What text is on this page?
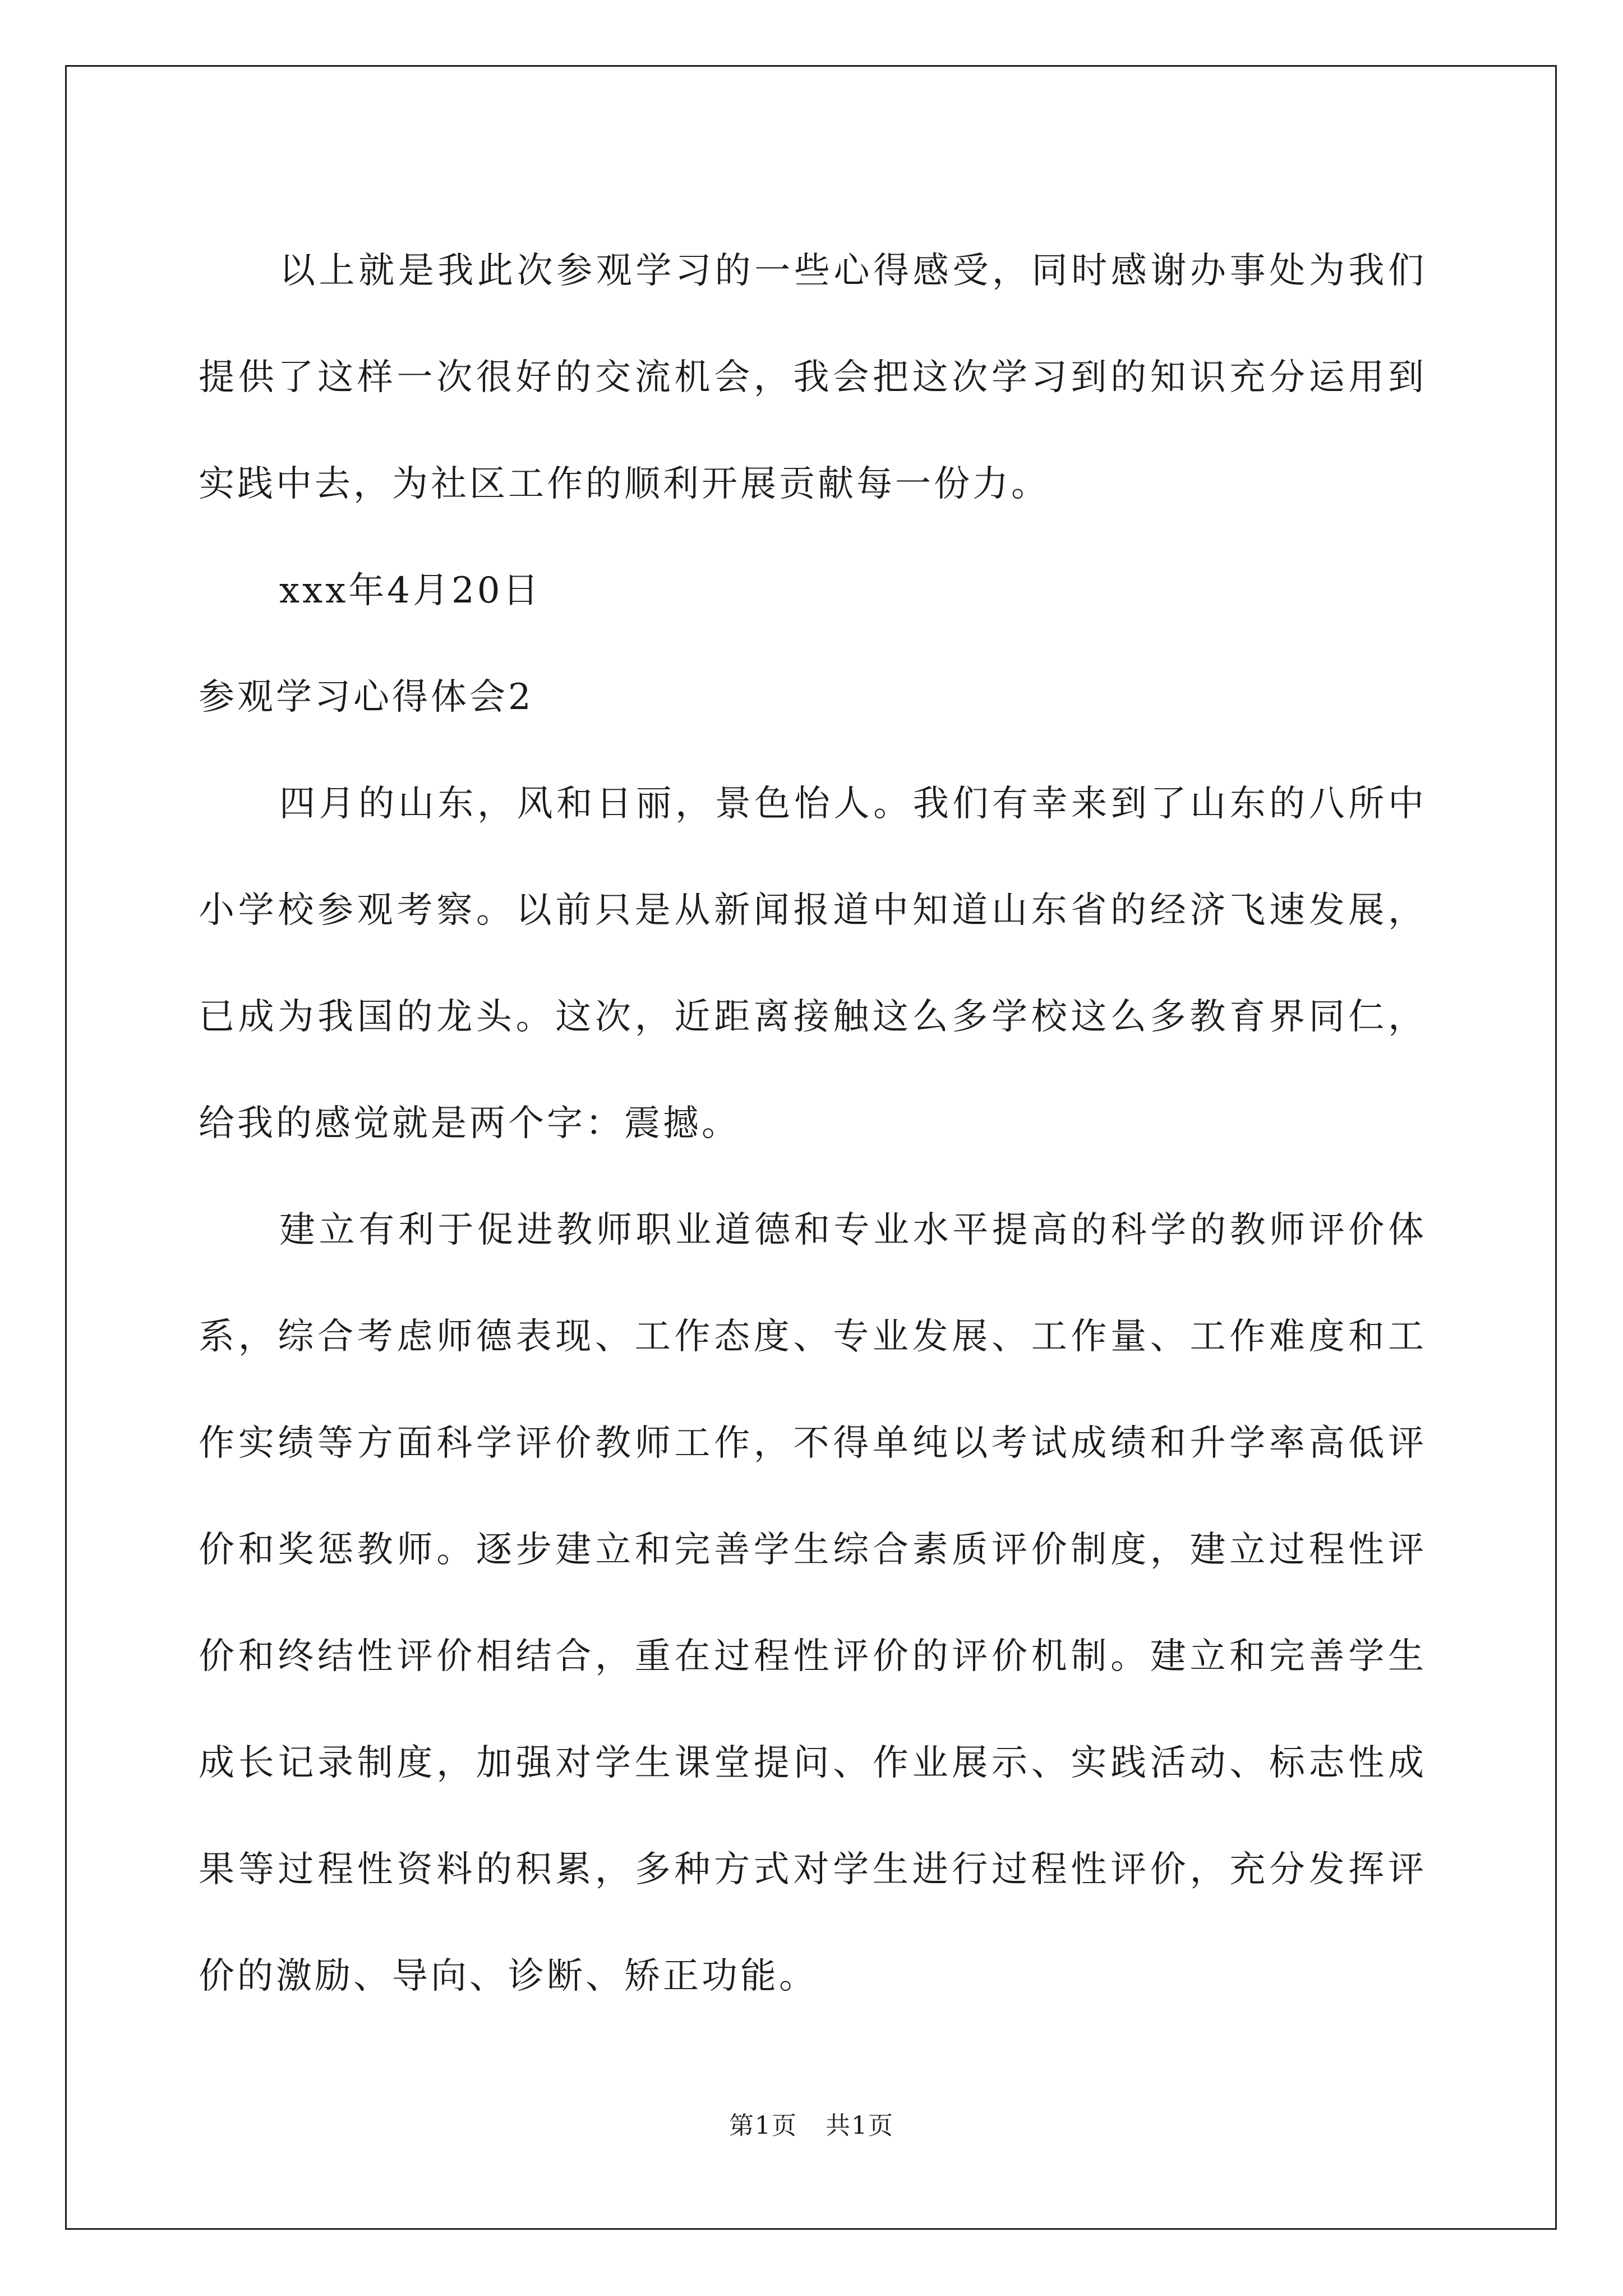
以上就是我此次参观学习的一些心得感受，同时感谢办事处为我们提供了这样一次很好的交流机会，我会把这次学习到的知识充分运用到实践中去，为社区工作的顺利开展贡献每一份力。

xxx年4月20日

参观学习心得体会2

四月的山东，风和日丽，景色怡人。我们有幸来到了山东的八所中小学校参观考察。以前只是从新闻报道中知道山东省的经济飞速发展，已成为我国的龙头。这次，近距离接触这么多学校这么多教育界同仁，给我的感觉就是两个字：震撼。

建立有利于促进教师职业道德和专业水平提高的科学的教师评价体系，综合考虑师德表现、工作态度、专业发展、工作量、工作难度和工作实绩等方面科学评价教师工作，不得单纯以考试成绩和升学率高低评价和奖惩教师。逐步建立和完善学生综合素质评价制度，建立过程性评价和终结性评价相结合，重在过程性评价的评价机制。建立和完善学生成长记录制度，加强对学生课堂提问、作业展示、实践活动、标志性成果等过程性资料的积累，多种方式对学生进行过程性评价，充分发挥评价的激励、导向、诊断、矫正功能。

第1页 共1页
